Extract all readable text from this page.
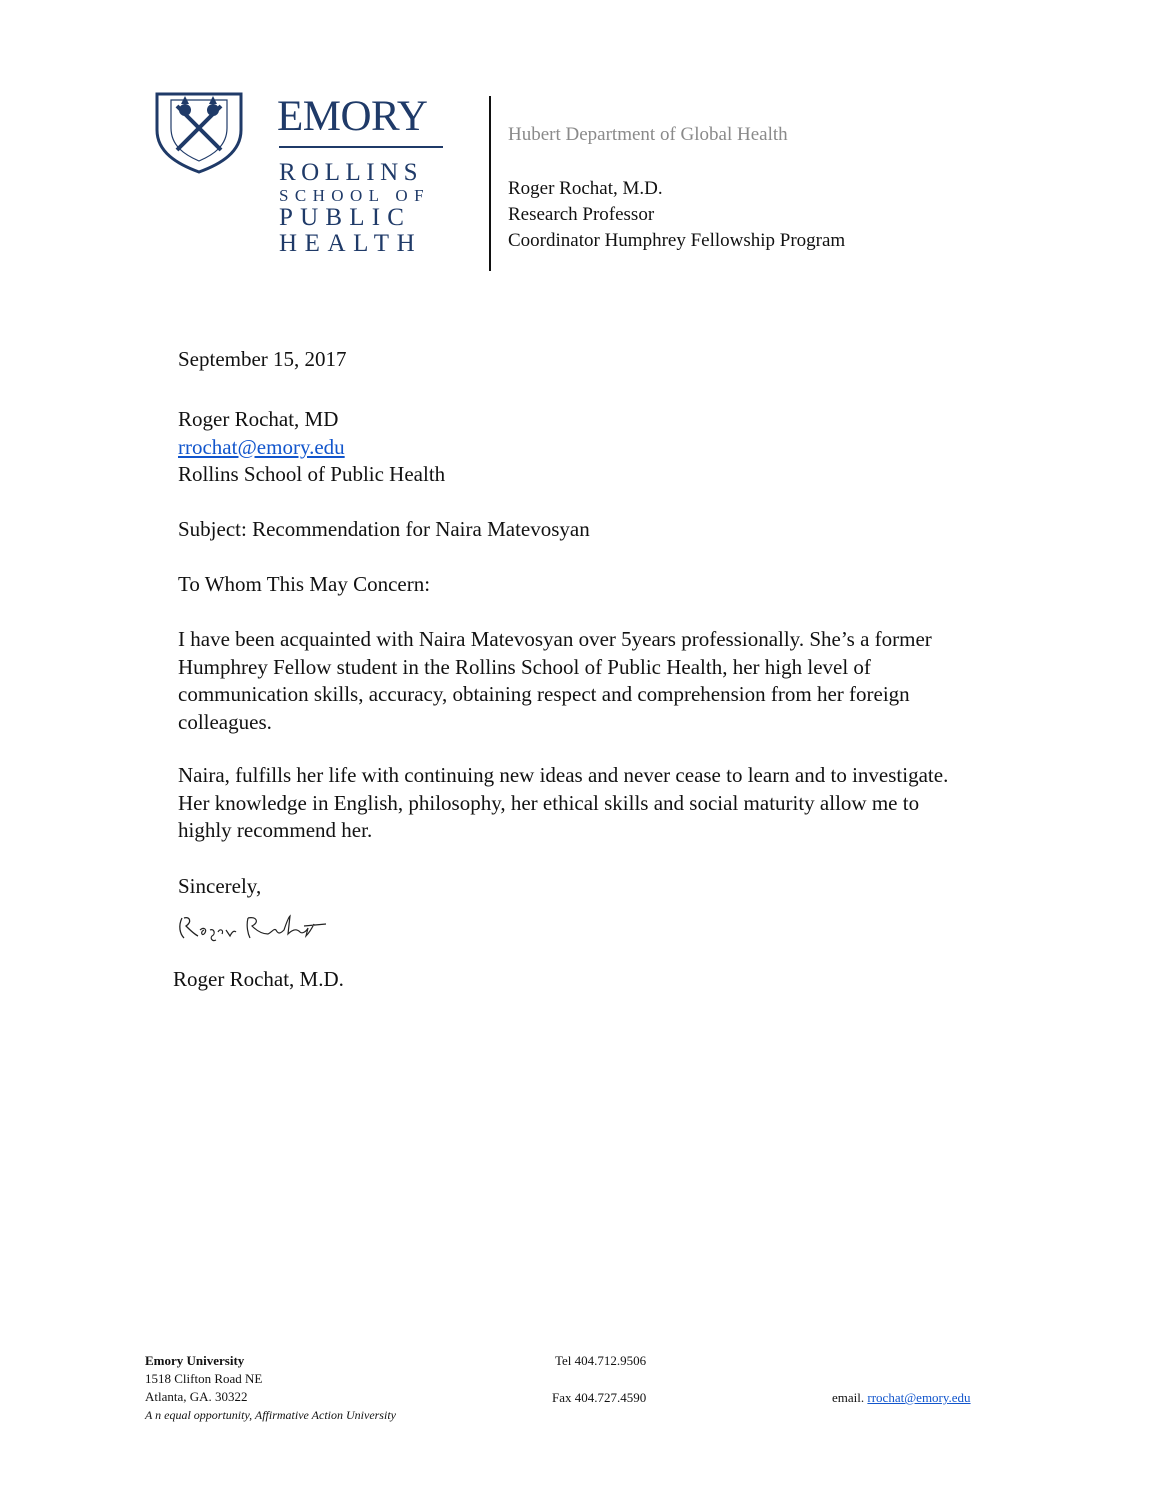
EMORY
ROLLINS
SCHOOL OF
PUBLIC
HEALTH
Hubert Department of Global Health
Roger Rochat, M.D.
Research Professor
Coordinator Humphrey Fellowship Program
September 15, 2017
Roger Rochat, MD
rrochat@emory.edu
Rollins School of Public Health
Subject: Recommendation for Naira Matevosyan
To Whom This May Concern:
I have been acquainted with Naira Matevosyan over 5years professionally. She’s a former
Humphrey Fellow student in the Rollins School of Public Health, her high level of
communication skills, accuracy, obtaining respect and comprehension from her foreign
colleagues.
Naira, fulfills her life with continuing new ideas and never cease to learn and to investigate.
Her knowledge in English, philosophy, her ethical skills and social maturity allow me to
highly recommend her.
Sincerely,
Roger Rochat, M.D.
Emory University
1518 Clifton Road NE
Atlanta, GA. 30322
A n equal opportunity, Affirmative Action University
Tel 404.712.9506
Fax 404.727.4590	email. rrochat@emory.edu
